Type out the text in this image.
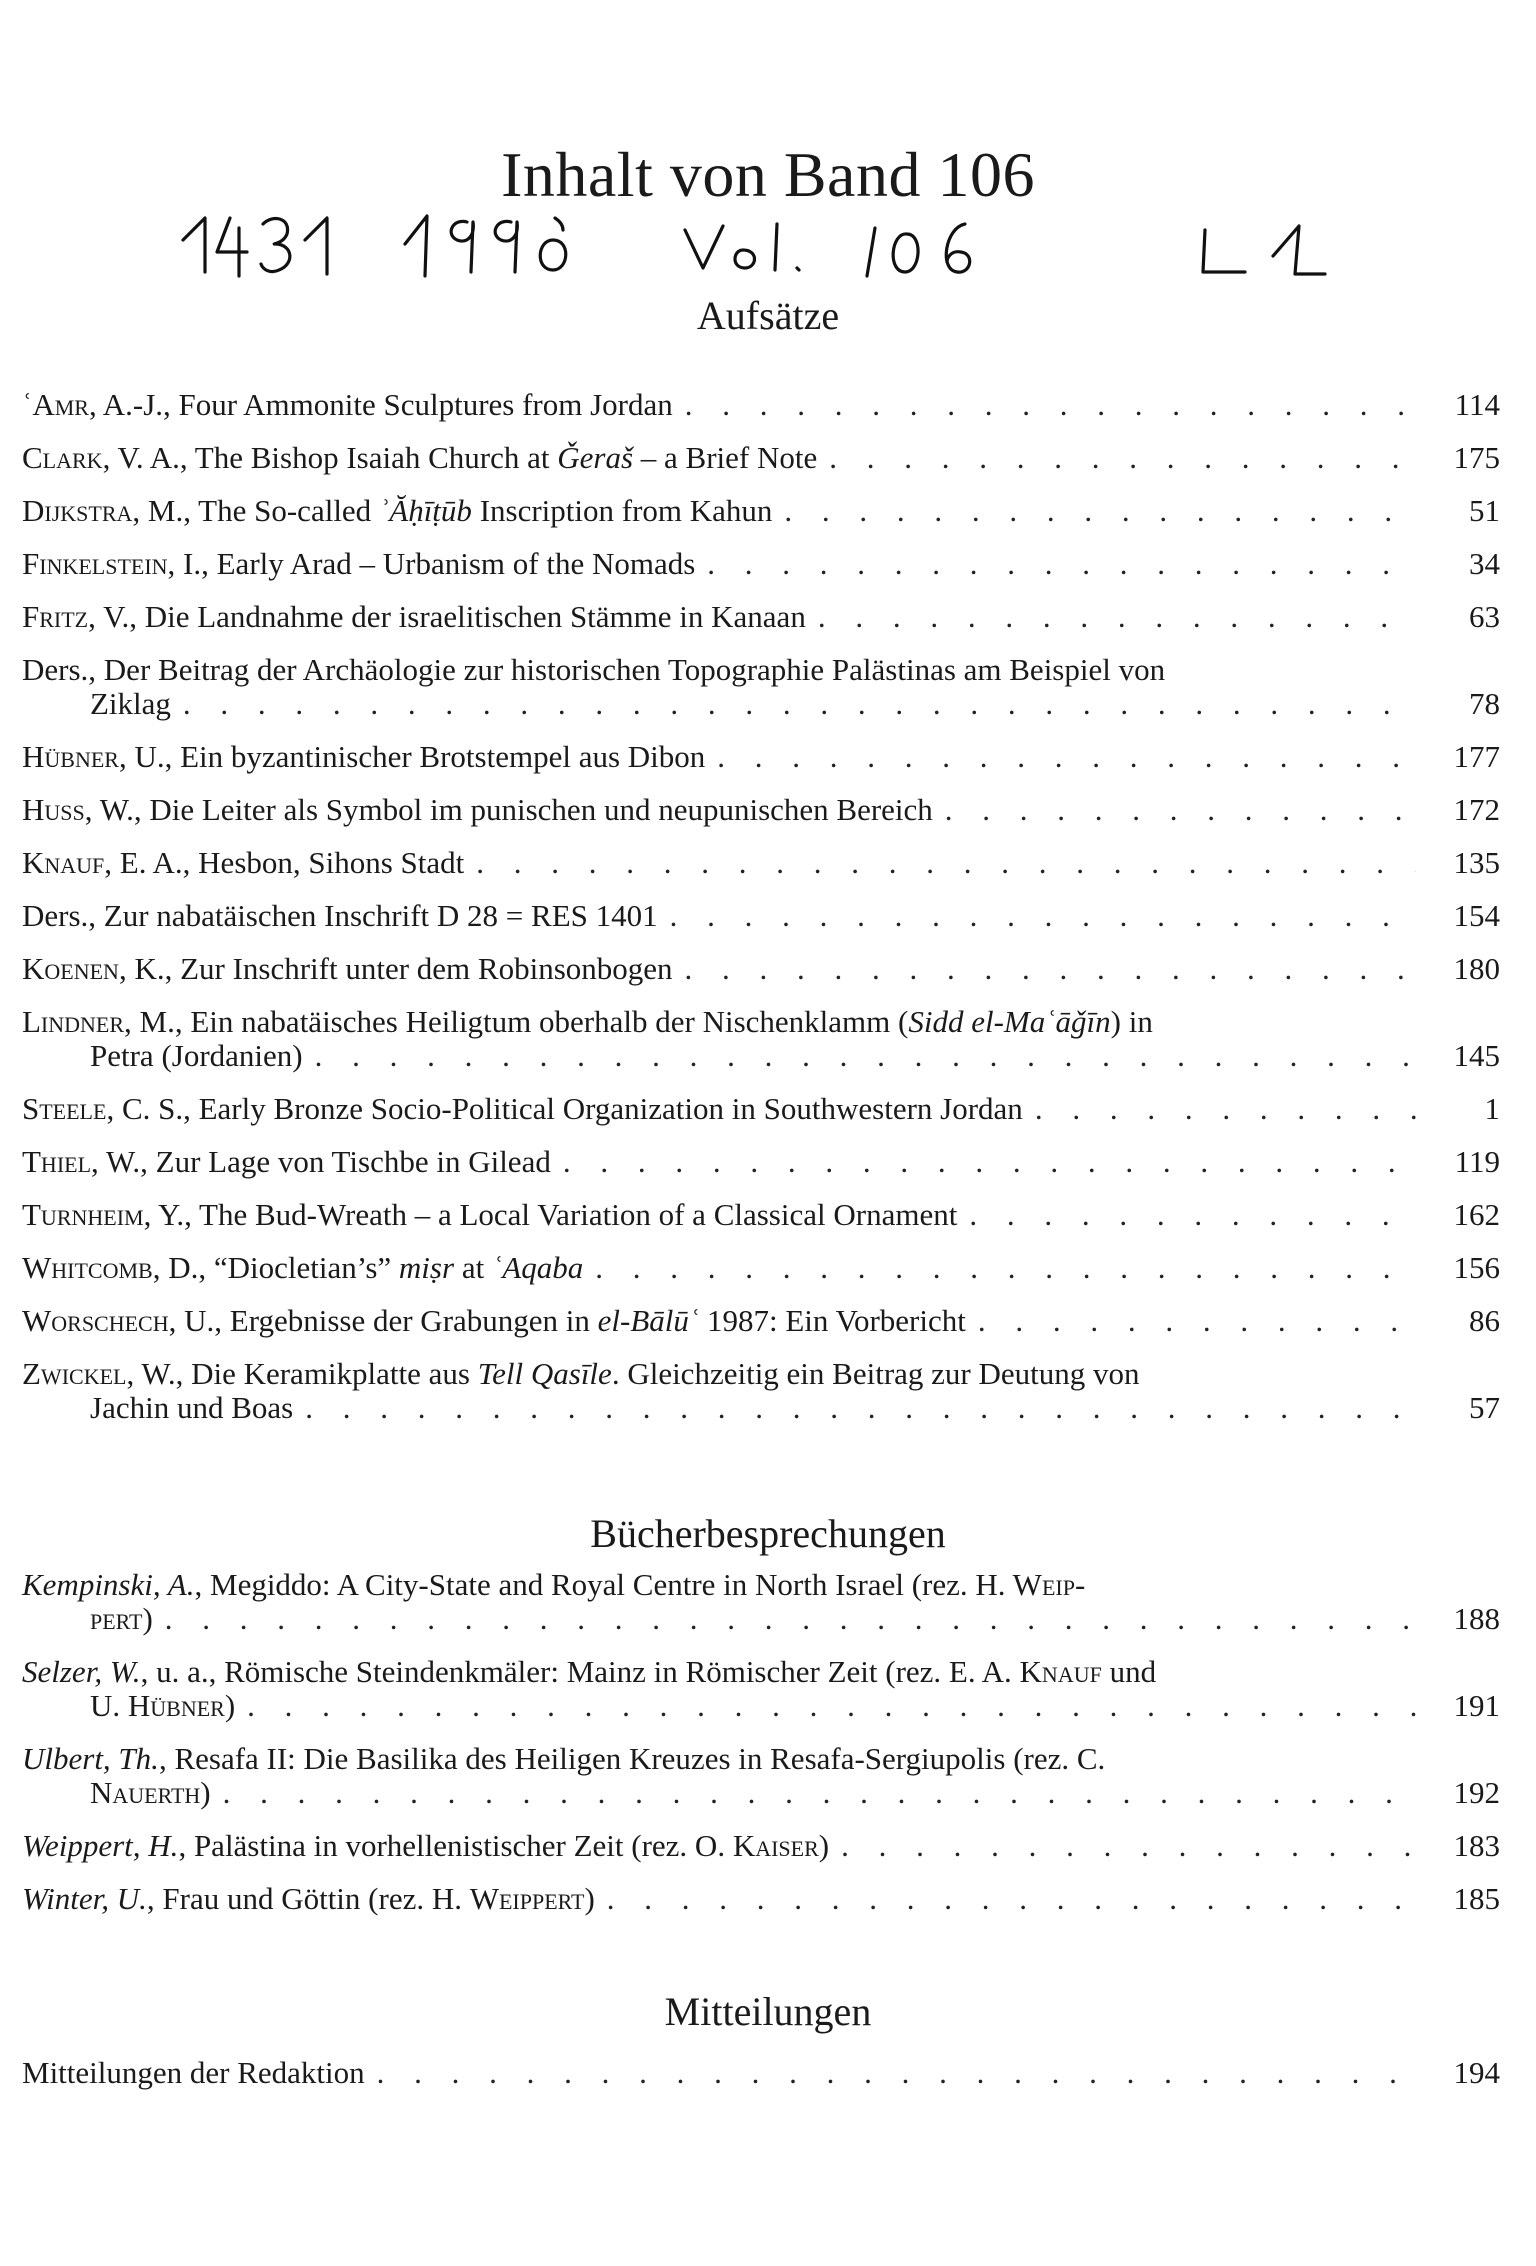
Inhalt von Band 106
Aufsätze
ʿAmr, A.-J., Four Ammonite Sculptures from Jordan . . .	114
Clark, V. A., The Bishop Isaiah Church at Ǧeraš – a Brief Note . . .	175
Dijkstra, M., The So-called ʾĂḥīṭūb Inscription from Kahun . . .	51
Finkelstein, I., Early Arad – Urbanism of the Nomads . . .	34
Fritz, V., Die Landnahme der israelitischen Stämme in Kanaan . . .	63
Ders., Der Beitrag der Archäologie zur historischen Topographie Palästinas am Beispiel von
Ziklag . . .	78
Hübner, U., Ein byzantinischer Brotstempel aus Dibon . . .	177
Huss, W., Die Leiter als Symbol im punischen und neupunischen Bereich . . .	172
Knauf, E. A., Hesbon, Sihons Stadt . . .	135
Ders., Zur nabatäischen Inschrift D 28 = RES 1401 . . .	154
Koenen, K., Zur Inschrift unter dem Robinsonbogen . . .	180
Lindner, M., Ein nabatäisches Heiligtum oberhalb der Nischenklamm (Sidd el-Maʿāǧīn) in
Petra (Jordanien) . . .	145
Steele, C. S., Early Bronze Socio-Political Organization in Southwestern Jordan . . .	1
Thiel, W., Zur Lage von Tischbe in Gilead . . .	119
Turnheim, Y., The Bud-Wreath – a Local Variation of a Classical Ornament . . .	162
Whitcomb, D., “Diocletian’s” miṣr at ʿAqaba . . .	156
Worschech, U., Ergebnisse der Grabungen in el-Bālūʿ 1987: Ein Vorbericht . . .	86
Zwickel, W., Die Keramikplatte aus Tell Qasīle. Gleichzeitig ein Beitrag zur Deutung von
Jachin und Boas . . .	57
Bücherbesprechungen
Kempinski, A., Megiddo: A City-State and Royal Centre in North Israel (rez. H. Weip-
pert) . . .	188
Selzer, W., u. a., Römische Steindenkmäler: Mainz in Römischer Zeit (rez. E. A. Knauf und
U. Hübner) . . .	191
Ulbert, Th., Resafa II: Die Basilika des Heiligen Kreuzes in Resafa-Sergiupolis (rez. C.
Nauerth) . . .	192
Weippert, H., Palästina in vorhellenistischer Zeit (rez. O. Kaiser) . . .	183
Winter, U., Frau und Göttin (rez. H. Weippert) . . .	185
Mitteilungen
Mitteilungen der Redaktion . . .	194
